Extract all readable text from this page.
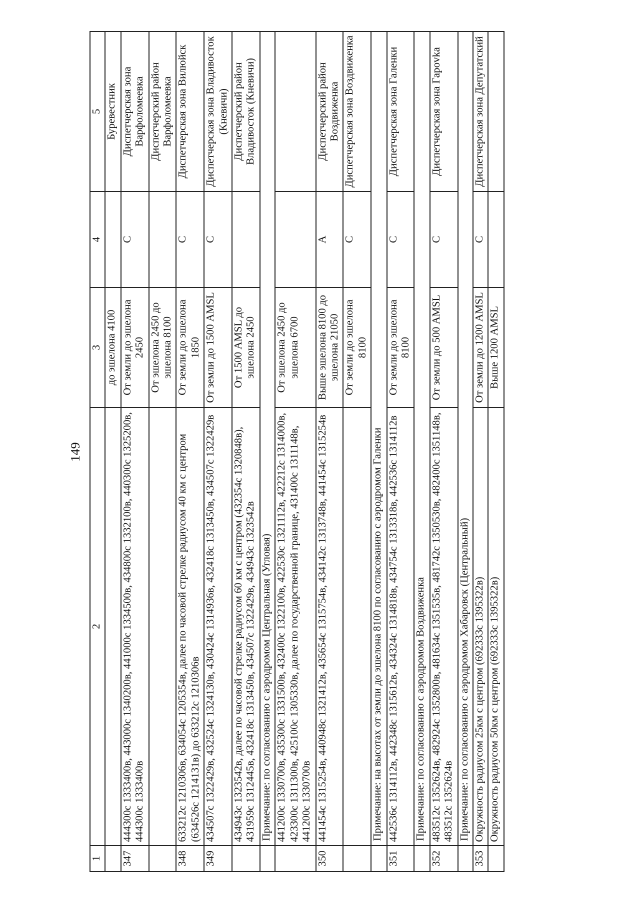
149
1	2	3	4	5
		до эшелона 4100		Буревестник
347	444300с 1333400в, 443000с 1340200в, 441000с 1334500в, 434800с 1332100в, 440300с 1325200в, 444300с 1333400в	От земли до эшелона 2450	С	Диспетчерская зона Варфоломеевка
		От эшелона 2450 до эшелона 8100		Диспетчерский район Варфоломеевка
348	633212с 1210306в, 634054с 1205354в, далее по часовой стрелке радиусом 40 км с центром (634526с 1214131в) до 633212с 1210306в	От земли до эшелона 1850	С	Диспетчерская зона Вилюйск
349	434507с 1322429в, 432524с 1324130в, 430424с 1314936в, 432418с 1313450в, 434507с 1322429в	От земли до 1500 AMSL	С	Диспетчерская зона Владивосток (Кневичи)
	434943с 1323542в, далее по часовой стрелке радиусом 60 км с центром (432354с 1320848в), 431959с 1312445в, 432418с 1313450в, 434507с 1322429в, 434943с 1323542в	От 1500 AMSL до эшелона 2450		Диспетчерский район Владивосток (Кневичи)
	Примечание: по согласованию с аэродромом Центральная (Угловая)			
	441200с 1330700в, 435300с 1331500в, 432400с 1322100в, 422530с 1321112в, 422212с 1314000в, 423300с 1311300в, 425100с 1305330в, далее по государственной границе, 431400с 1311148в, 441200с 1330700в	От эшелона 2450 до эшелона 6700		
350	441454с 1315254в, 440948с 1321412в, 435654с 1315754в, 434142с 1313748в, 441454с 1315254в	Выше эшелона 8100 до эшелона 21050	А	Диспетчерский район Воздвиженка
		От земли до эшелона 8100	С	Диспетчерская зона Воздвиженка
	Примечание: на высотах от земли до эшелона 8100 по согласованию с аэродромом Галенки			
351	442536с 1314112в, 442348с 1315612в, 434324с 1314818в, 434754с 1313318в, 442536с 1314112в	От земли до эшелона 8100	С	Диспетчерская зона Галенки
	Примечание: по согласованию с аэродромом Воздвиженка			
352	483512с 1352624в, 482924с 1352800в, 481634с 1351535в, 481742с 1350530в, 482400с 1351148в, 483512с 1352624в	От земли до 500 AMSL	С	Диспетчерская зона Гарovka
	Примечание: по согласованию с аэродромом Хабаровск (Центральный)			
353	Окружность радиусом 25км с центром (692333с 1395322в)	От земли до 1200 AMSL	С	Диспетчерская зона Депутатский
	Окружность радиусом 50км с центром (692333с 1395322в)	Выше 1200 AMSL		
